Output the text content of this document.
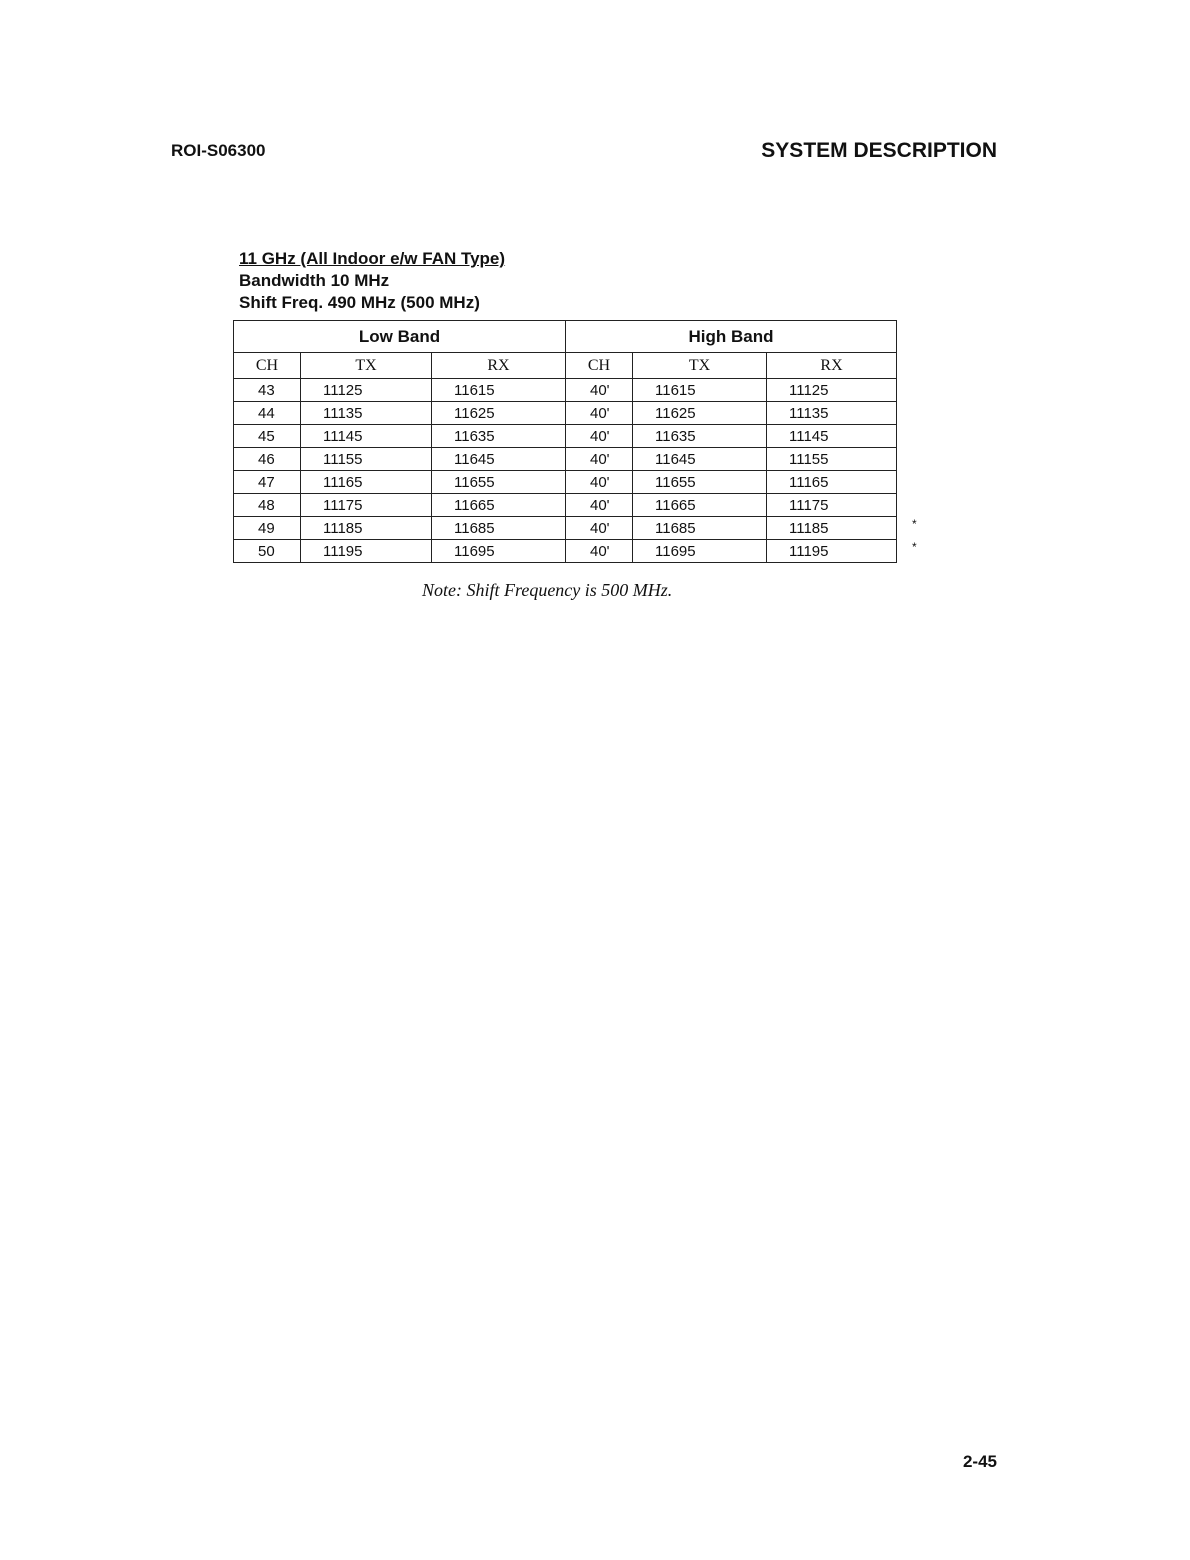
ROI-S06300	SYSTEM DESCRIPTION
11 GHz (All Indoor e/w FAN Type)
Bandwidth 10 MHz
Shift Freq. 490 MHz (500 MHz)
Low Band			High Band		
CH	TX	RX	CH	TX	RX
43	11125	11615	40'	11615	11125
44	11135	11625	40'	11625	11135
45	11145	11635	40'	11635	11145
46	11155	11645	40'	11645	11155
47	11165	11655	40'	11655	11165
48	11175	11665	40'	11665	11175
49	11185	11685	40'	11685	11185
50	11195	11695	40'	11695	11195
*
*
Note: Shift Frequency is 500 MHz.
2-45
